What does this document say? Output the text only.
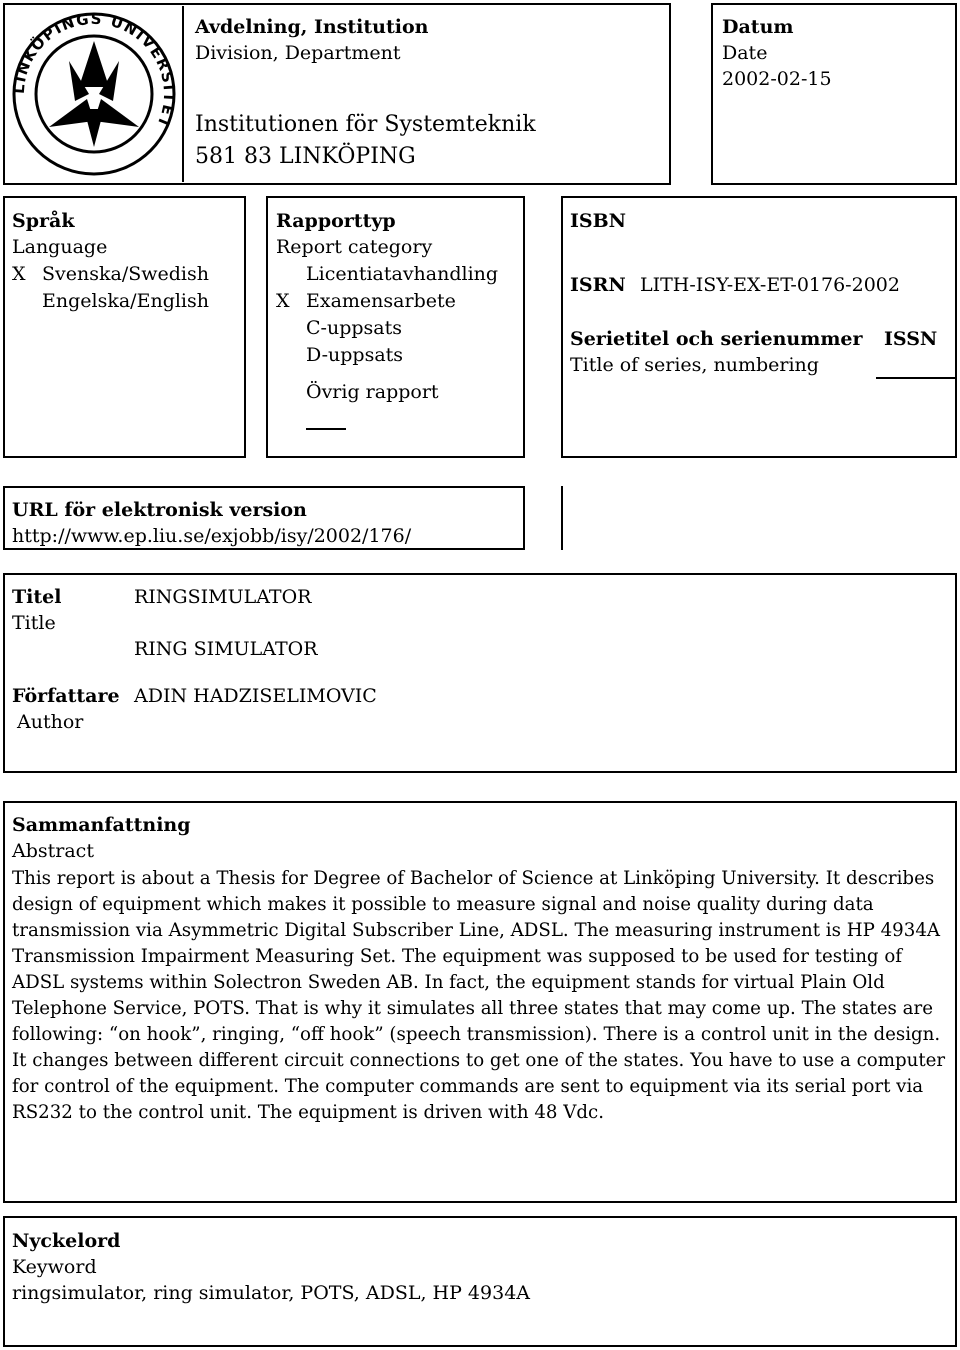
LINKÖPINGS UNIVERSITET
Avdelning, Institution
Division, Department
Institutionen för Systemteknik
581 83 LINKÖPING
Datum
Date
2002-02-15
Språk
Language
X Svenska/Swedish
Engelska/English
Rapporttyp
Report category
Licentiatavhandling
X Examensarbete
C-uppsats
D-uppsats
Övrig rapport
ISBN
ISRN LITH-ISY-EX-ET-0176-2002
Serietitel och serienummer
Title of series, numbering
ISSN
URL för elektronisk version
http://www.ep.liu.se/exjobb/isy/2002/176/
Titel
Title
RINGSIMULATOR
RING SIMULATOR
Författare
Author
ADIN HADZISELIMOVIC
Sammanfattning
Abstract

This report is about a Thesis for Degree of Bachelor of Science at Linköping University. It describes design of equipment which makes it possible to measure signal and noise quality during data transmission via Asymmetric Digital Subscriber Line, ADSL. The measuring instrument is HP 4934A Transmission Impairment Measuring Set. The equipment was supposed to be used for testing of ADSL systems within Solectron Sweden AB. In fact, the equipment stands for virtual Plain Old Telephone Service, POTS. That is why it simulates all three states that may come up. The states are following: “on hook”, ringing, “off hook” (speech transmission). There is a control unit in the design. It changes between different circuit connections to get one of the states. You have to use a computer for control of the equipment. The computer commands are sent to equipment via its serial port via RS232 to the control unit. The equipment is driven with 48 Vdc.

Nyckelord
Keyword
ringsimulator, ring simulator, POTS, ADSL, HP 4934A
